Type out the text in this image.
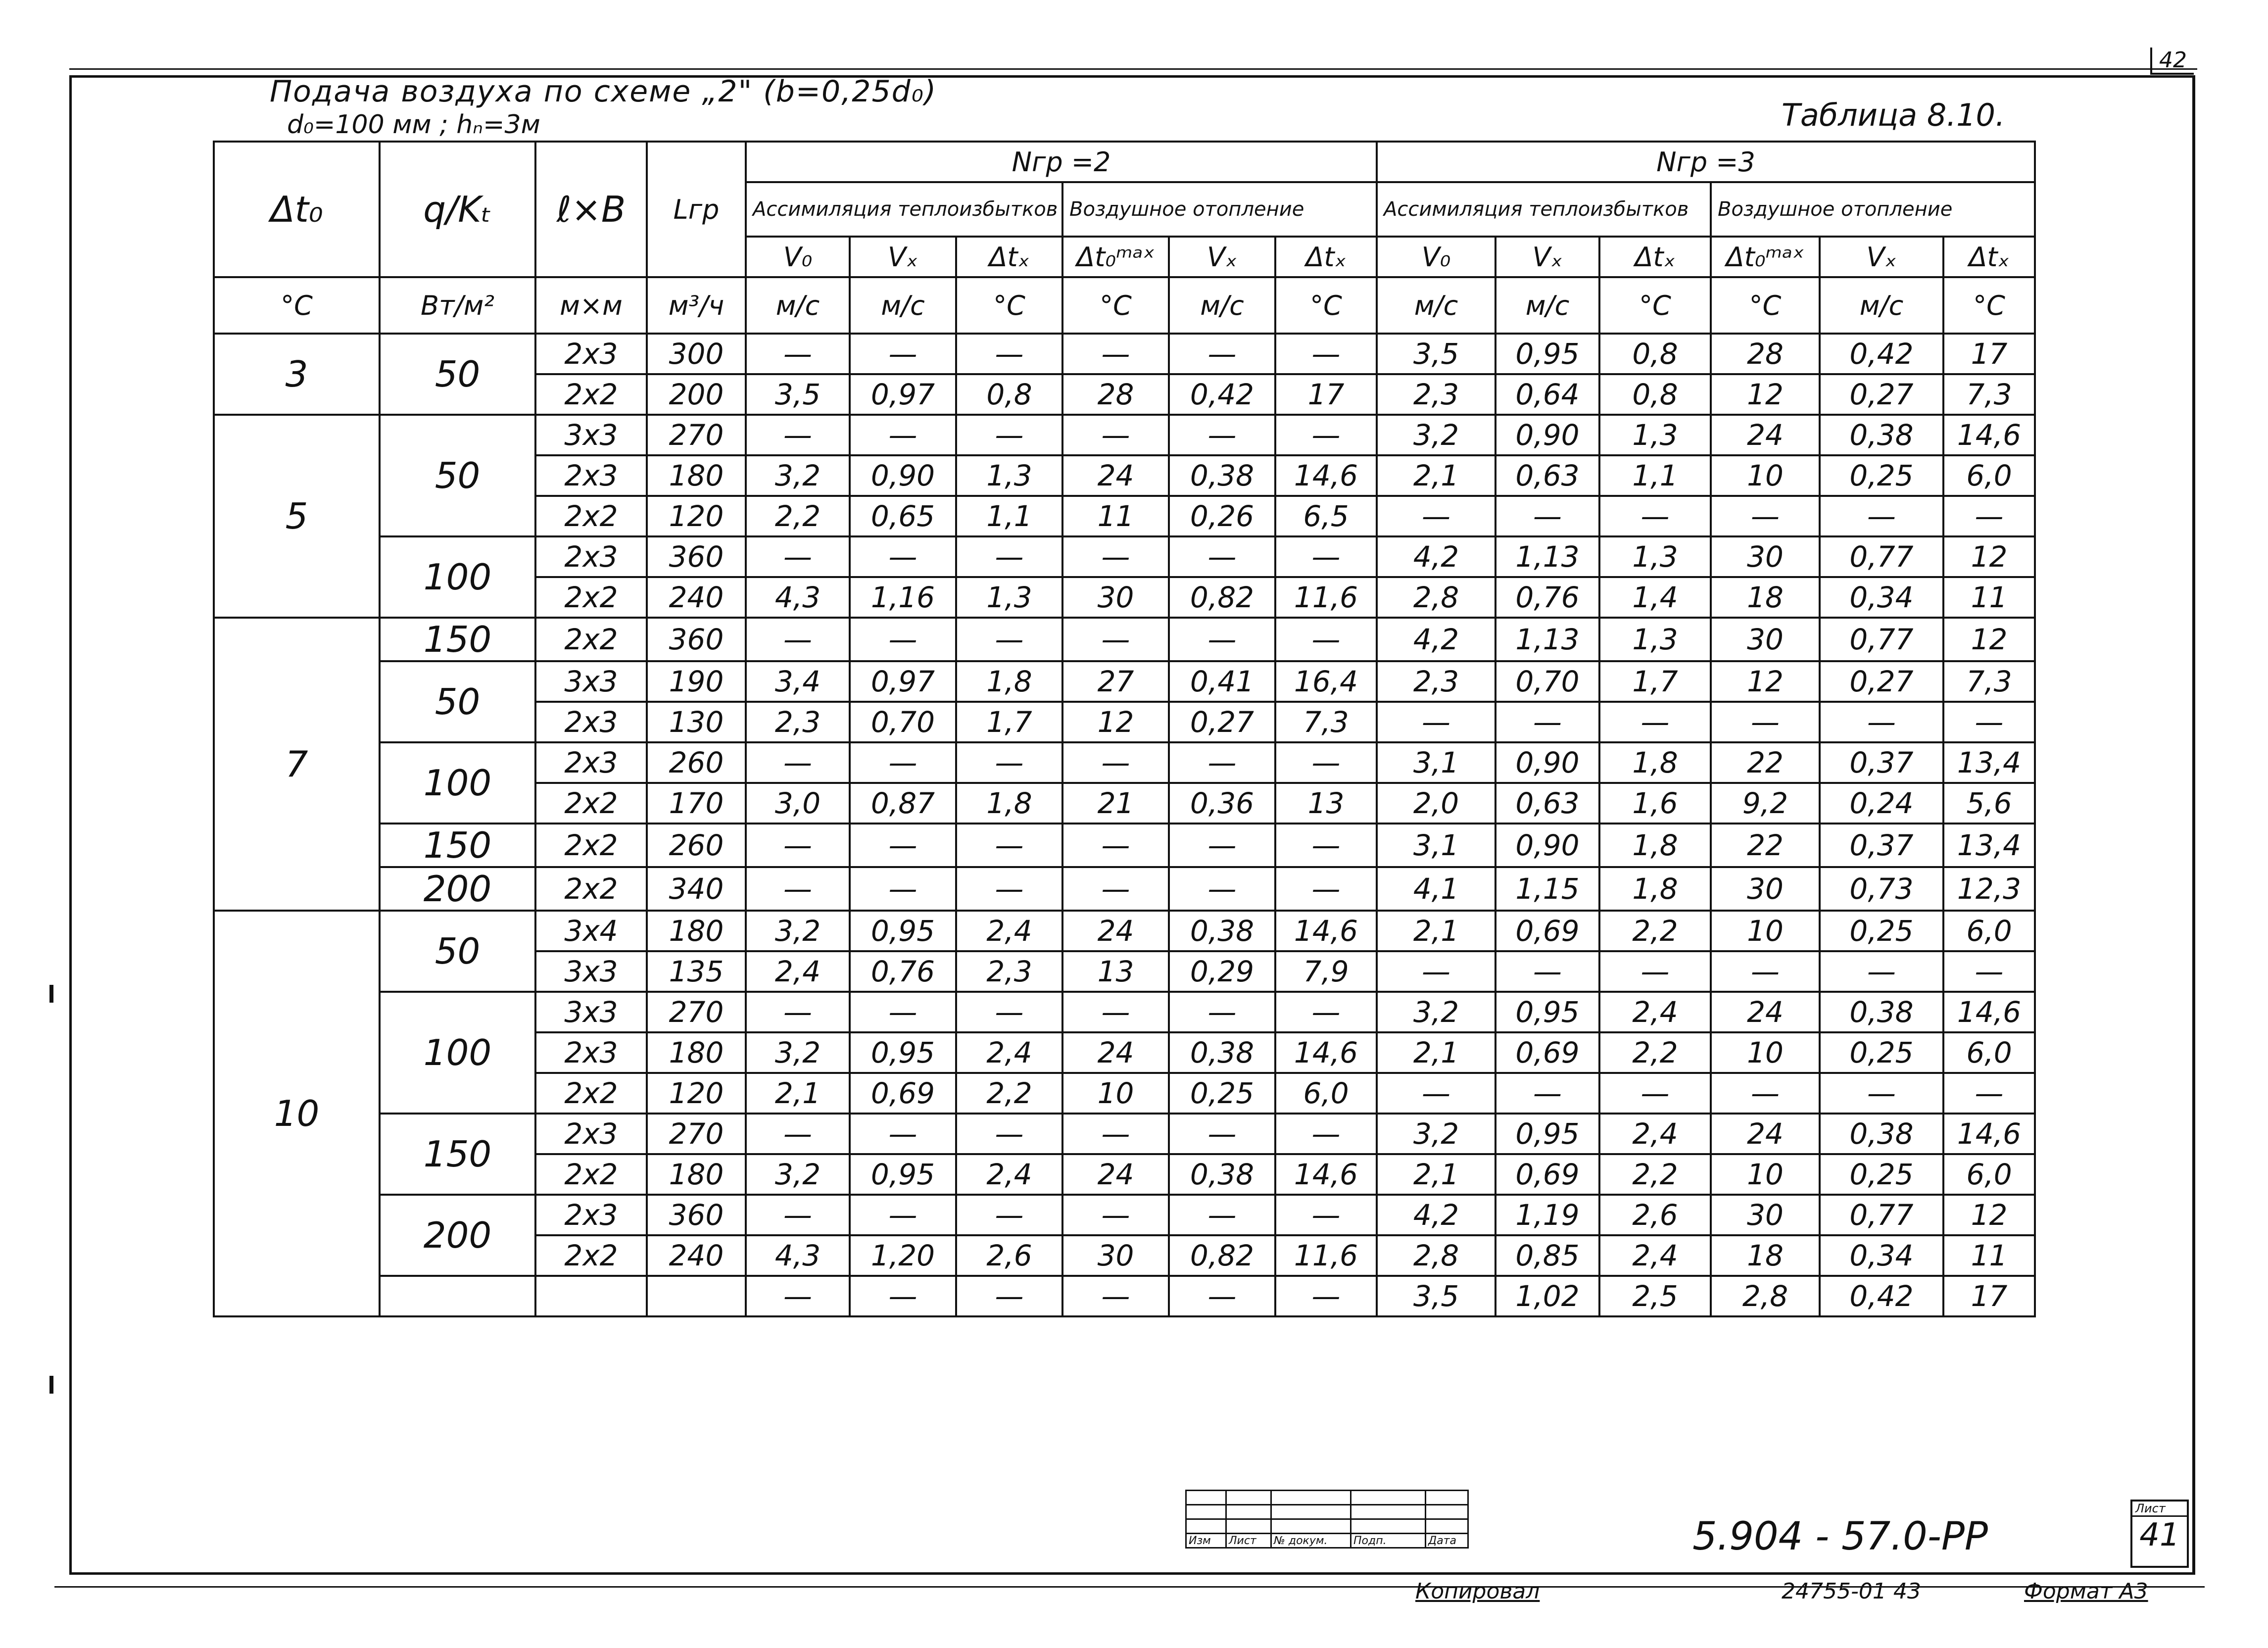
42
Подача воздуха по схеме „2" (b=0,25d₀)
d₀=100 мм ; hₙ=3м	Таблица 8.10.
Δt₀	q/Kₜ	ℓ×B	Lгр	Nгр =2						Nгр =3					
				Ассимиляция теплоизбытков			Воздушное отопление			Ассимиляция теплоизбытков			Воздушное отопление		
				V₀	Vₓ	Δtₓ	Δt₀ᵐᵃˣ	Vₓ	Δtₓ	V₀	Vₓ	Δtₓ	Δt₀ᵐᵃˣ	Vₓ	Δtₓ
°C	Вт/м²	м×м	м³/ч	м/с	м/с	°C	°C	м/с	°C	м/с	м/с	°C	°C	м/с	°C
3	50	2x3	300	—	—	—	—	—	—	3,5	0,95	0,8	28	0,42	17
		2x2	200	3,5	0,97	0,8	28	0,42	17	2,3	0,64	0,8	12	0,27	7,3
5	50	3x3	270	—	—	—	—	—	—	3,2	0,90	1,3	24	0,38	14,6
		2x3	180	3,2	0,90	1,3	24	0,38	14,6	2,1	0,63	1,1	10	0,25	6,0
		2x2	120	2,2	0,65	1,1	11	0,26	6,5	—	—	—	—	—	—
	100	2x3	360	—	—	—	—	—	—	4,2	1,13	1,3	30	0,77	12
		2x2	240	4,3	1,16	1,3	30	0,82	11,6	2,8	0,76	1,4	18	0,34	11
7	150	2x2	360	—	—	—	—	—	—	4,2	1,13	1,3	30	0,77	12
	50	3x3	190	3,4	0,97	1,8	27	0,41	16,4	2,3	0,70	1,7	12	0,27	7,3
		2x3	130	2,3	0,70	1,7	12	0,27	7,3	—	—	—	—	—	—
	100	2x3	260	—	—	—	—	—	—	3,1	0,90	1,8	22	0,37	13,4
		2x2	170	3,0	0,87	1,8	21	0,36	13	2,0	0,63	1,6	9,2	0,24	5,6
	150	2x2	260	—	—	—	—	—	—	3,1	0,90	1,8	22	0,37	13,4
	200	2x2	340	—	—	—	—	—	—	4,1	1,15	1,8	30	0,73	12,3
10	50	3x4	180	3,2	0,95	2,4	24	0,38	14,6	2,1	0,69	2,2	10	0,25	6,0
		3x3	135	2,4	0,76	2,3	13	0,29	7,9	—	—	—	—	—	—
	100	3x3	270	—	—	—	—	—	—	3,2	0,95	2,4	24	0,38	14,6
		2x3	180	3,2	0,95	2,4	24	0,38	14,6	2,1	0,69	2,2	10	0,25	6,0
		2x2	120	2,1	0,69	2,2	10	0,25	6,0	—	—	—	—	—	—
	150	2x3	270	—	—	—	—	—	—	3,2	0,95	2,4	24	0,38	14,6
		2x2	180	3,2	0,95	2,4	24	0,38	14,6	2,1	0,69	2,2	10	0,25	6,0
	200	2x3	360	—	—	—	—	—	—	4,2	1,19	2,6	30	0,77	12
		2x2	240	4,3	1,20	2,6	30	0,82	11,6	2,8	0,85	2,4	18	0,34	11
				—	—	—	—	—	—	3,5	1,02	2,5	2,8	0,42	17

Изм	Лист	№ докум.	Подп.	Дата	5.904 - 57.0-PP
Лист
41
Копировал	24755-01 43	Формат А3
